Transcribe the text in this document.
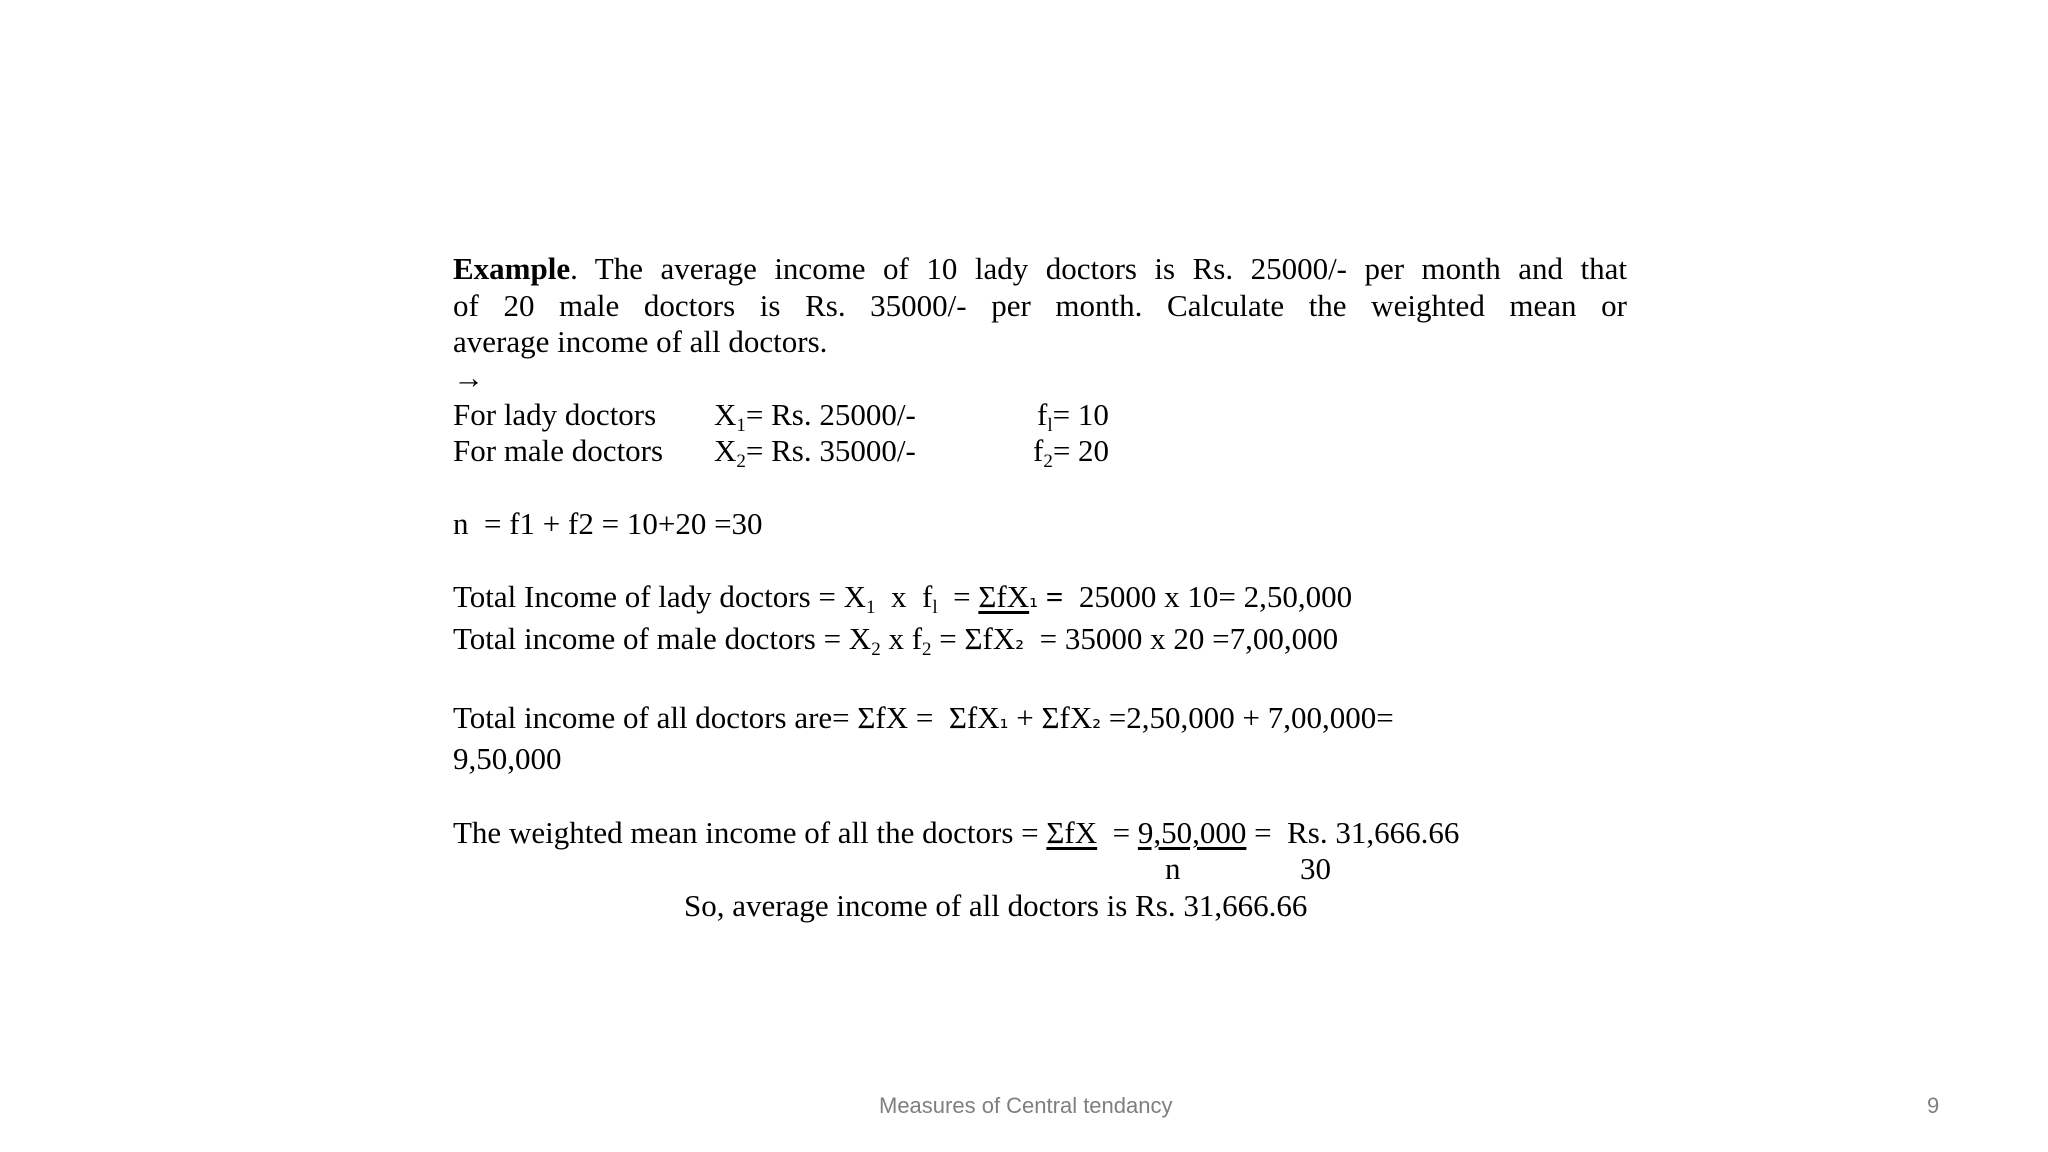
Example. The average income of 10 lady doctors is Rs. 25000/- per month and that

of 20 male doctors is Rs. 35000/- per month. Calculate the weighted mean or

average income of all doctors.

→

For lady doctors $X_1= Rs$. 25000/-	$f_l= 10$
For male doctors $X_2= Rs$. 35000/-	$f_2= 20$

n  = f1 + f2 = 10+20 =30

Total Income of lady doctors = $X_1$  x  $f_l = \Sigma fX_1 = 25000$ x 10= 2,50,000

Total income of male doctors = $X_2$ x $f_2 = \Sigma fX_2 = 35000$ x 20 =7,00,000

Total income of all doctors are= ΣfX =  ΣfX₁ + ΣfX₂ =2,50,000 + 7,00,000=

9,50,000

The weighted mean income of all the doctors = ΣfX  = 9,50,000 =  Rs. 31,666.66

n	30
So, average income of all doctors is Rs. 31,666.66
Measures of Central tendancy	9
